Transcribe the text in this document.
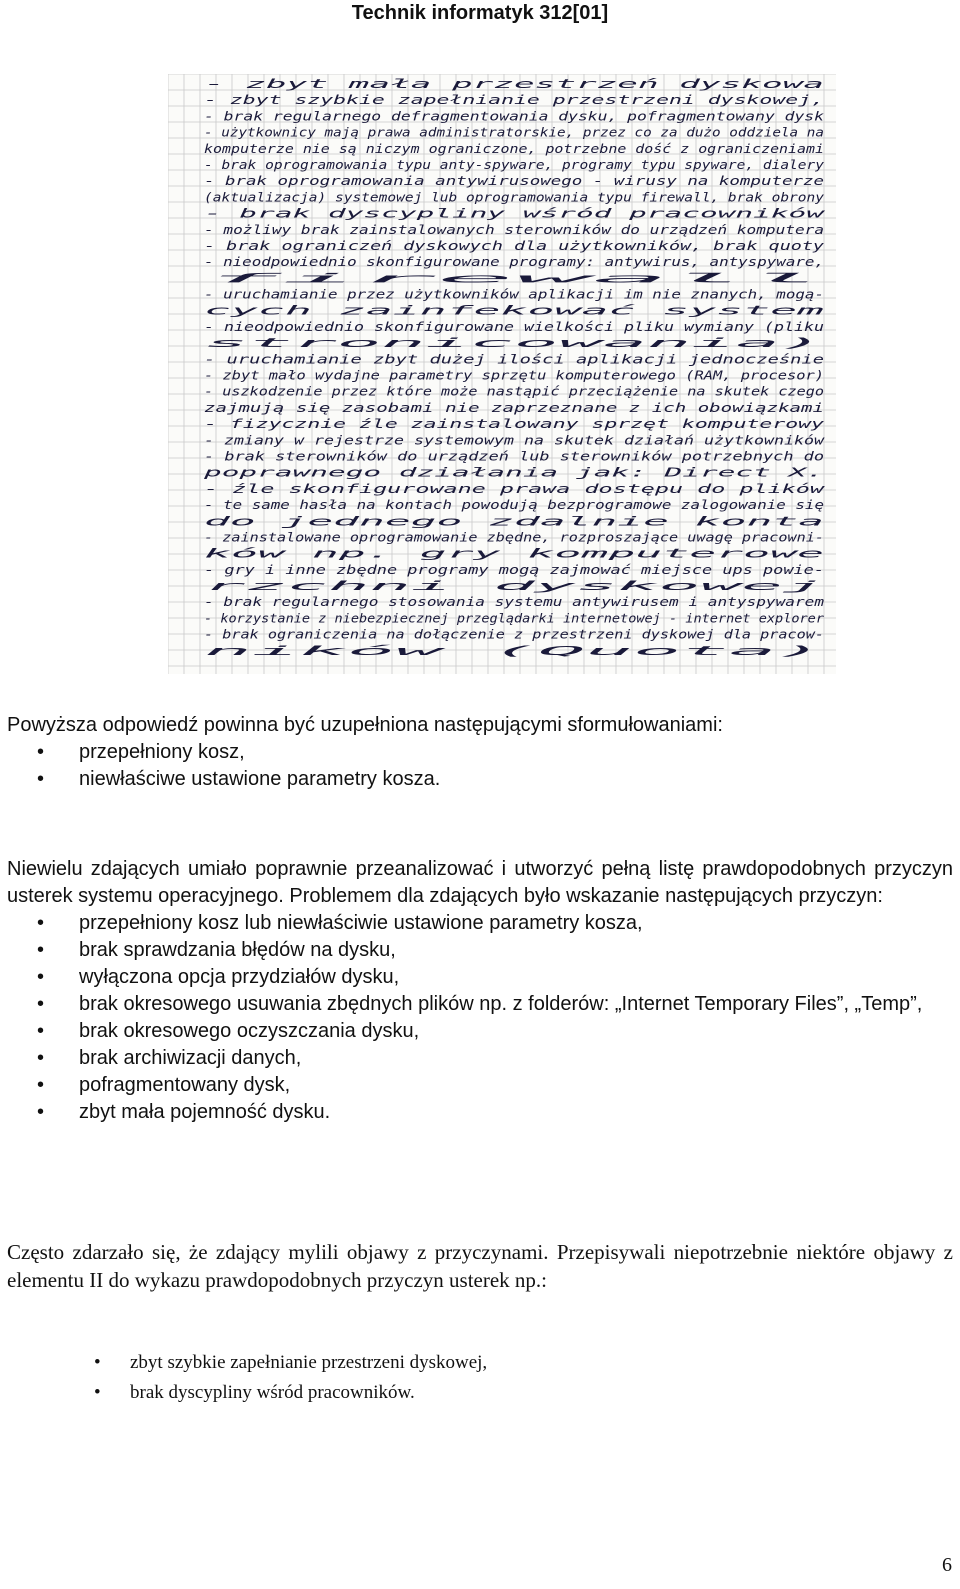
Technik informatyk 312[01]
- zbyt mała przestrzeń dyskowa
- zbyt szybkie zapełnianie przestrzeni dyskowej,
- brak regularnego defragmentowania dysku, pofragmentowany dysk
- użytkownicy mają prawa administratorskie, przez co za dużo oddziela na
komputerze nie są niczym ograniczone, potrzebne dość z ograniczeniami
- brak oprogramowania typu anty-spyware, programy typu spyware, dialery
- brak oprogramowania antywirusowego - wirusy na komputerze
(aktualizacja) systemowej lub oprogramowania typu firewall, brak obrony
- brak dyscypliny wśród pracowników
- możliwy brak zainstalowanych sterowników do urządzeń komputera
- brak ograniczeń dyskowych dla użytkowników, brak quoty
- nieodpowiednio skonfigurowane programy: antywirus, antyspyware,
firewall
- uruchamianie przez użytkowników aplikacji im nie znanych, mogą-
cych zainfekować system
- nieodpowiednio skonfigurowane wielkości pliku wymiany (pliku
stronicowania)
- uruchamianie zbyt dużej ilości aplikacji jednocześnie
- zbyt mało wydajne parametry sprzętu komputerowego (RAM, procesor)
- uszkodzenie przez które może nastąpić przeciążenie na skutek czego
zajmują się zasobami nie zaprzeznane z ich obowiązkami
- fizycznie źle zainstalowany sprzęt komputerowy
- zmiany w rejestrze systemowym na skutek działań użytkowników
- brak sterowników do urządzeń lub sterowników potrzebnych do
poprawnego działania jak: Direct X.
- źle skonfigurowane prawa dostępu do plików
- te same hasła na kontach powodują bezprogramowe zalogowanie się
do jednego zdalnie konta
- zainstalowane oprogramowanie zbędne, rozproszające uwagę pracowni-
ków np. gry komputerowe
- gry i inne zbędne programy mogą zajmować miejsce ups powie-
rzchni dyskowej
- brak regularnego stosowania systemu antywirusem i antyspywarem
- korzystanie z niebezpiecznej przeglądarki internetowej - internet explorer
- brak ograniczenia na dołączenie z przestrzeni dyskowej dla pracow-
ników (Quota)

Powyższa odpowiedź powinna być uzupełniona następującymi sformułowaniami:

• przepełniony kosz,
• niewłaściwe ustawione parametry kosza.

Niewielu zdających umiało poprawnie przeanalizować i utworzyć pełną listę prawdopodobnych przyczyn usterek systemu operacyjnego. Problemem dla zdających było wskazanie następujących przyczyn:

• przepełniony kosz lub niewłaściwie ustawione parametry kosza,
• brak sprawdzania błędów na dysku,
• wyłączona opcja przydziałów dysku,
• brak okresowego usuwania zbędnych plików np. z folderów: „Internet Temporary Files”, „Temp”,
• brak okresowego oczyszczania dysku,
• brak archiwizacji danych,
• pofragmentowany dysk,
• zbyt mała pojemność dysku.

Często zdarzało się, że zdający mylili objawy z przyczynami. Przepisywali niepotrzebnie niektóre objawy z elementu II do wykazu prawdopodobnych przyczyn usterek np.:

• zbyt szybkie zapełnianie przestrzeni dyskowej,
• brak dyscypliny wśród pracowników.
6
